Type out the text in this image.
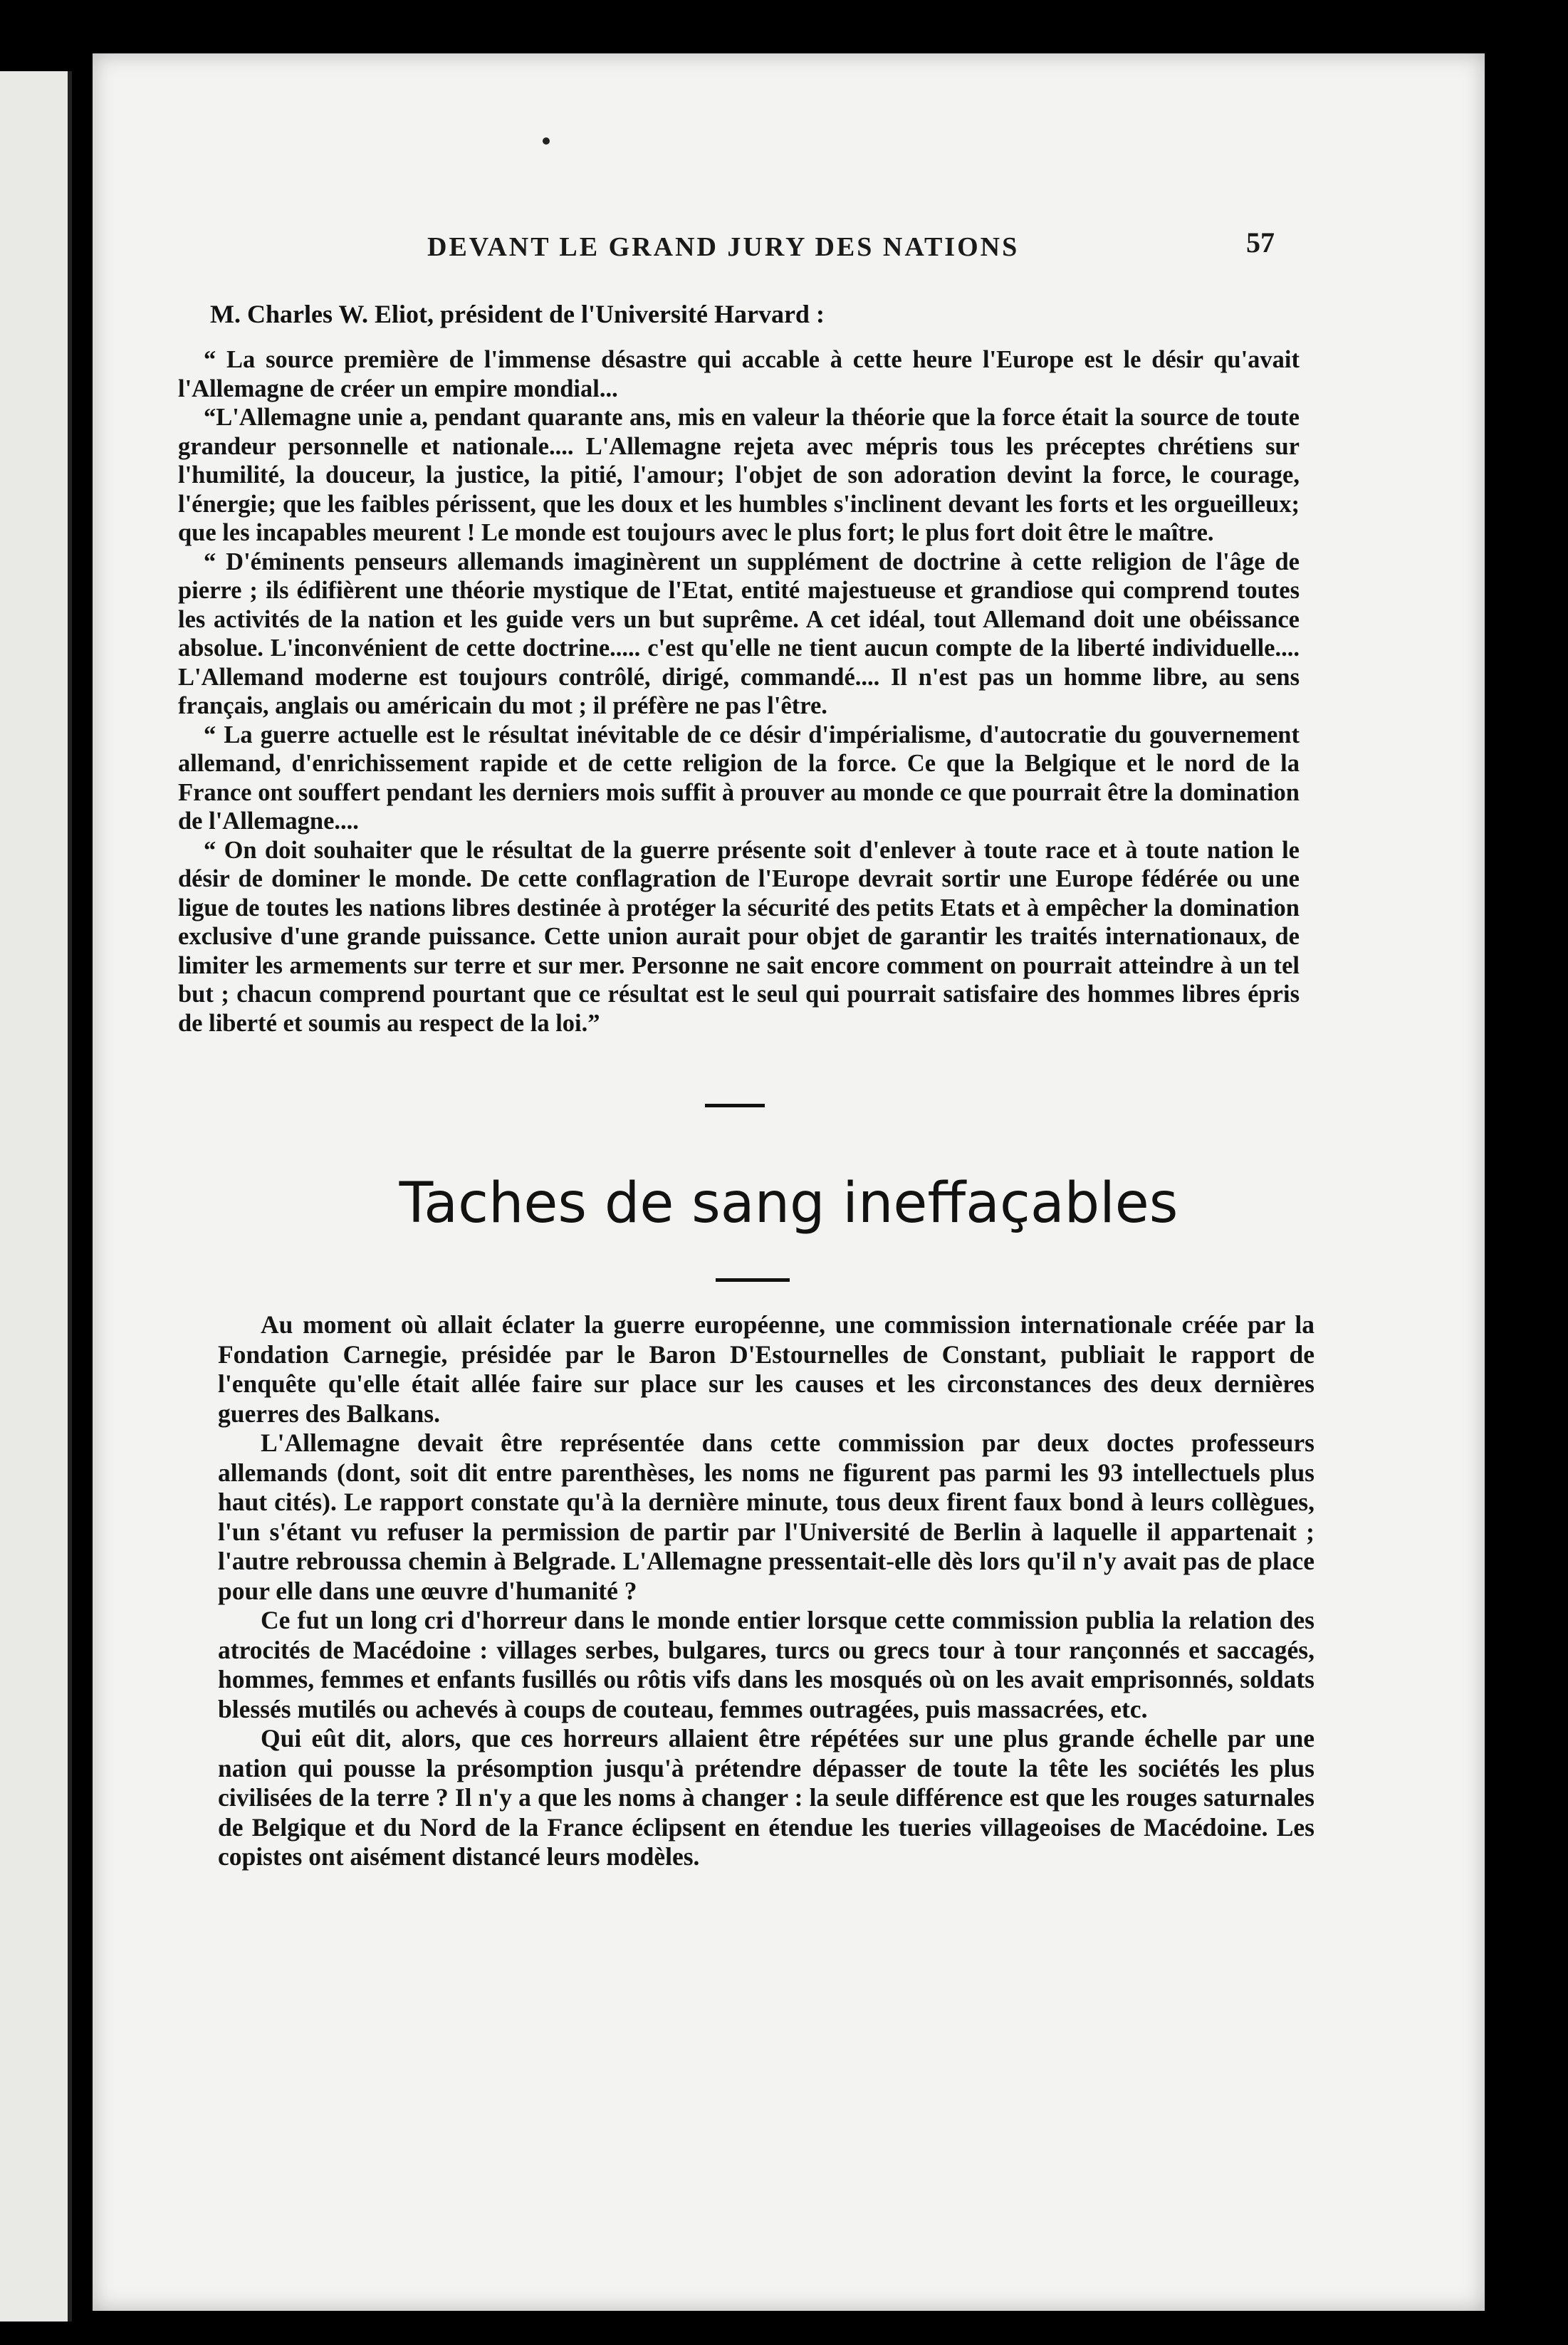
DEVANT LE GRAND JURY DES NATIONS	57
M. Charles W. Eliot, président de l'Université Harvard :

“ La source première de l'immense désastre qui accable à cette heure l'Europe est le désir qu'avait l'Allemagne de créer un empire mondial...

“L'Allemagne unie a, pendant quarante ans, mis en valeur la théorie que la force était la source de toute grandeur personnelle et nationale.... L'Allemagne rejeta avec mépris tous les préceptes chrétiens sur l'humilité, la douceur, la justice, la pitié, l'amour; l'objet de son adoration devint la force, le courage, l'énergie; que les faibles périssent, que les doux et les humbles s'inclinent devant les forts et les orgueilleux; que les incapables meurent ! Le monde est toujours avec le plus fort; le plus fort doit être le maître.

“ D'éminents penseurs allemands imaginèrent un supplément de doctrine à cette religion de l'âge de pierre ; ils édifièrent une théorie mystique de l'Etat, entité majestueuse et grandiose qui comprend toutes les activités de la nation et les guide vers un but suprême. A cet idéal, tout Allemand doit une obéissance absolue. L'inconvénient de cette doctrine..... c'est qu'elle ne tient aucun compte de la liberté individuelle.... L'Allemand moderne est toujours contrôlé, dirigé, commandé.... Il n'est pas un homme libre, au sens français, anglais ou américain du mot ; il préfère ne pas l'être.

“ La guerre actuelle est le résultat inévitable de ce désir d'impérialisme, d'autocratie du gouvernement allemand, d'enrichissement rapide et de cette religion de la force. Ce que la Belgique et le nord de la France ont souffert pendant les derniers mois suffit à prouver au monde ce que pourrait être la domination de l'Allemagne....

“ On doit souhaiter que le résultat de la guerre présente soit d'enlever à toute race et à toute nation le désir de dominer le monde. De cette conflagration de l'Europe devrait sortir une Europe fédérée ou une ligue de toutes les nations libres destinée à protéger la sécurité des petits Etats et à empêcher la domination exclusive d'une grande puissance. Cette union aurait pour objet de garantir les traités internationaux, de limiter les armements sur terre et sur mer. Personne ne sait encore comment on pourrait atteindre à un tel but ; chacun comprend pourtant que ce résultat est le seul qui pourrait satisfaire des hommes libres épris de liberté et soumis au respect de la loi.”

Taches de sang ineffaçables

Au moment où allait éclater la guerre européenne, une commission internationale créée par la Fondation Carnegie, présidée par le Baron D'Estournelles de Constant, publiait le rapport de l'enquête qu'elle était allée faire sur place sur les causes et les circonstances des deux dernières guerres des Balkans.

L'Allemagne devait être représentée dans cette commission par deux doctes professeurs allemands (dont, soit dit entre parenthèses, les noms ne figurent pas parmi les 93 intellectuels plus haut cités). Le rapport constate qu'à la dernière minute, tous deux firent faux bond à leurs collègues, l'un s'étant vu refuser la permission de partir par l'Université de Berlin à laquelle il appartenait ; l'autre rebroussa chemin à Belgrade. L'Allemagne pressentait-elle dès lors qu'il n'y avait pas de place pour elle dans une œuvre d'humanité ?

Ce fut un long cri d'horreur dans le monde entier lorsque cette commission publia la relation des atrocités de Macédoine : villages serbes, bulgares, turcs ou grecs tour à tour rançonnés et saccagés, hommes, femmes et enfants fusillés ou rôtis vifs dans les mosqués où on les avait emprisonnés, soldats blessés mutilés ou achevés à coups de couteau, femmes outragées, puis massacrées, etc.

Qui eût dit, alors, que ces horreurs allaient être répétées sur une plus grande échelle par une nation qui pousse la présomption jusqu'à prétendre dépasser de toute la tête les sociétés les plus civilisées de la terre ? Il n'y a que les noms à changer : la seule différence est que les rouges saturnales de Belgique et du Nord de la France éclipsent en étendue les tueries villageoises de Macédoine. Les copistes ont aisément distancé leurs modèles.
